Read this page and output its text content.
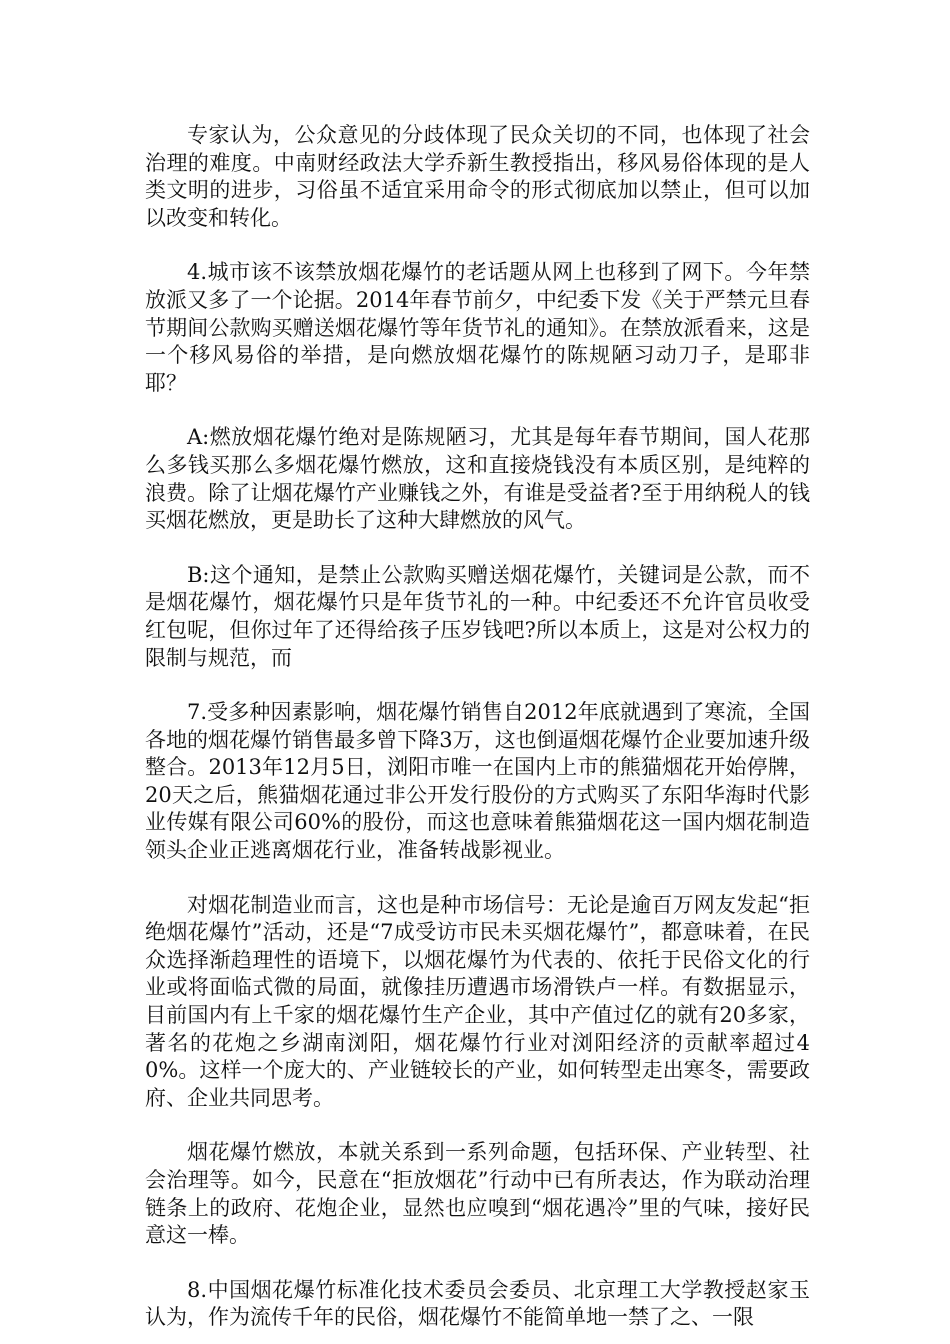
专家认为，公众意见的分歧体现了民众关切的不同，也体现了社会治理的难度。中南财经政法大学乔新生教授指出，移风易俗体现的是人类文明的进步，习俗虽不适宜采用命令的形式彻底加以禁止，但可以加以改变和转化。

4.城市该不该禁放烟花爆竹的老话题从网上也移到了网下。今年禁放派又多了一个论据。2014年春节前夕，中纪委下发《关于严禁元旦春节期间公款购买赠送烟花爆竹等年货节礼的通知》。在禁放派看来，这是一个移风易俗的举措，是向燃放烟花爆竹的陈规陋习动刀子，是耶非耶？

A:燃放烟花爆竹绝对是陈规陋习，尤其是每年春节期间，国人花那么多钱买那么多烟花爆竹燃放，这和直接烧钱没有本质区别，是纯粹的浪费。除了让烟花爆竹产业赚钱之外，有谁是受益者?至于用纳税人的钱买烟花燃放，更是助长了这种大肆燃放的风气。

B:这个通知，是禁止公款购买赠送烟花爆竹，关键词是公款，而不是烟花爆竹，烟花爆竹只是年货节礼的一种。中纪委还不允许官员收受红包呢，但你过年了还得给孩子压岁钱吧?所以本质上，这是对公权力的限制与规范，而

7.受多种因素影响，烟花爆竹销售自2012年底就遇到了寒流，全国各地的烟花爆竹销售最多曾下降3万，这也倒逼烟花爆竹企业要加速升级整合。2013年12月5日，浏阳市唯一在国内上市的熊猫烟花开始停牌，20天之后，熊猫烟花通过非公开发行股份的方式购买了东阳华海时代影业传媒有限公司60%的股份，而这也意味着熊猫烟花这一国内烟花制造领头企业正逃离烟花行业，准备转战影视业。

对烟花制造业而言，这也是种市场信号：无论是逾百万网友发起“拒绝烟花爆竹”活动，还是“7成受访市民未买烟花爆竹”，都意味着，在民众选择渐趋理性的语境下，以烟花爆竹为代表的、依托于民俗文化的行业或将面临式微的局面，就像挂历遭遇市场滑铁卢一样。有数据显示，目前国内有上千家的烟花爆竹生产企业，其中产值过亿的就有20多家，著名的花炮之乡湖南浏阳，烟花爆竹行业对浏阳经济的贡献率超过40%。这样一个庞大的、产业链较长的产业，如何转型走出寒冬，需要政府、企业共同思考。

烟花爆竹燃放，本就关系到一系列命题，包括环保、产业转型、社会治理等。如今，民意在“拒放烟花”行动中已有所表达，作为联动治理链条上的政府、花炮企业，显然也应嗅到“烟花遇冷”里的气味，接好民意这一棒。

8.中国烟花爆竹标准化技术委员会委员、北京理工大学教授赵家玉认为，作为流传千年的民俗，烟花爆竹不能简单地一禁了之、一限
